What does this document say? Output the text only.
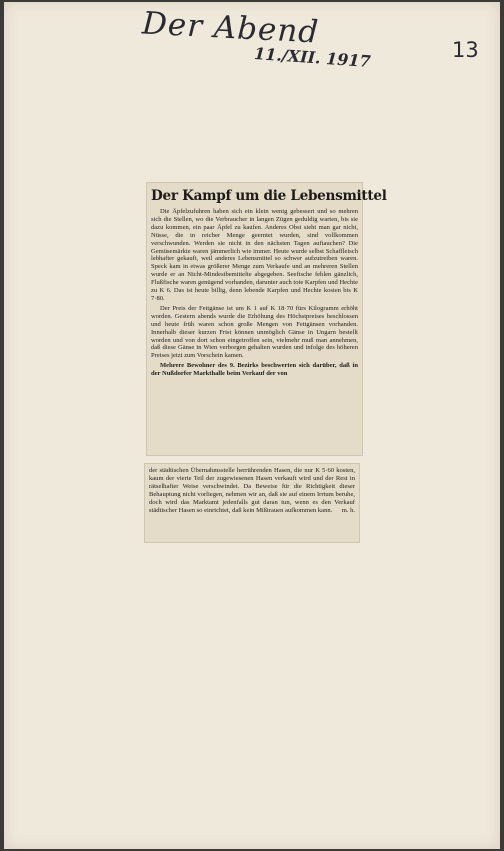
Der Abend
11./XII. 1917	13
Der Kampf um die Lebensmittel

Die Äpfelzufuhren haben sich ein klein wenig gebessert und so mehren sich die Stellen, wo die Verbraucher in langen Zügen geduldig warten, bis sie dazu kommen, ein paar Äpfel zu kaufen. Anderes Obst sieht man gar nicht, Nüsse, die in reicher Menge geerntet wurden, sind vollkommen verschwunden. Werden sie nicht in den nächsten Tagen auftauchen? Die Gemüsemärkte waren jämmerlich wie immer. Heute wurde selbst Schaffleisch lebhafter gekauft, weil anderes Lebensmittel so schwer aufzutreiben waren. Speck kam in etwas größerer Menge zum Verkaufe und an mehreren Stellen wurde er an Nicht-Mindestbemittelte abgegeben. Seefische fehlen gänzlich, Flußfische waren genügend vorhanden, darunter auch tote Karpfen und Hechte zu K 6. Das ist heute billig, denn lebende Karpfen und Hechte kosten bis K 7·80.

Der Preis der Fettgänse ist um K 1 auf K 18·70 fürs Kilogramm erhöht worden. Gestern abends wurde die Erhöhung des Höchstpreises beschlossen und heute früh waren schon große Mengen von Fettgänsen vorhanden. Innerhalb dieser kurzen Frist können unmöglich Gänse in Ungarn bestellt worden und von dort schon eingetroffen sein, vielmehr muß man annehmen, daß diese Gänse in Wien verborgen gehalten wurden und infolge des höheren Preises jetzt zum Vorschein kamen.

Mehrere Bewohner des 9. Bezirks beschwerten sich darüber, daß in der Nußdorfer Markthalle beim Verkauf der von

der städtischen Übernahmsstelle herrührenden Hasen, die nur K 5·60 kosten, kaum der vierte Teil der zugewiesenen Hasen verkauft wird und der Rest in rätselhafter Weise verschwindet. Da Beweise für die Richtigkeit dieser Behauptung nicht vorliegen, nehmen wir an, daß sie auf einem Irrtum beruhe, doch wird das Marktamt jedenfalls gut daran tun, wenn es den Verkauf städtischer Hasen so einrichtet, daß kein Mißtrauen aufkommen kann. m. h.
